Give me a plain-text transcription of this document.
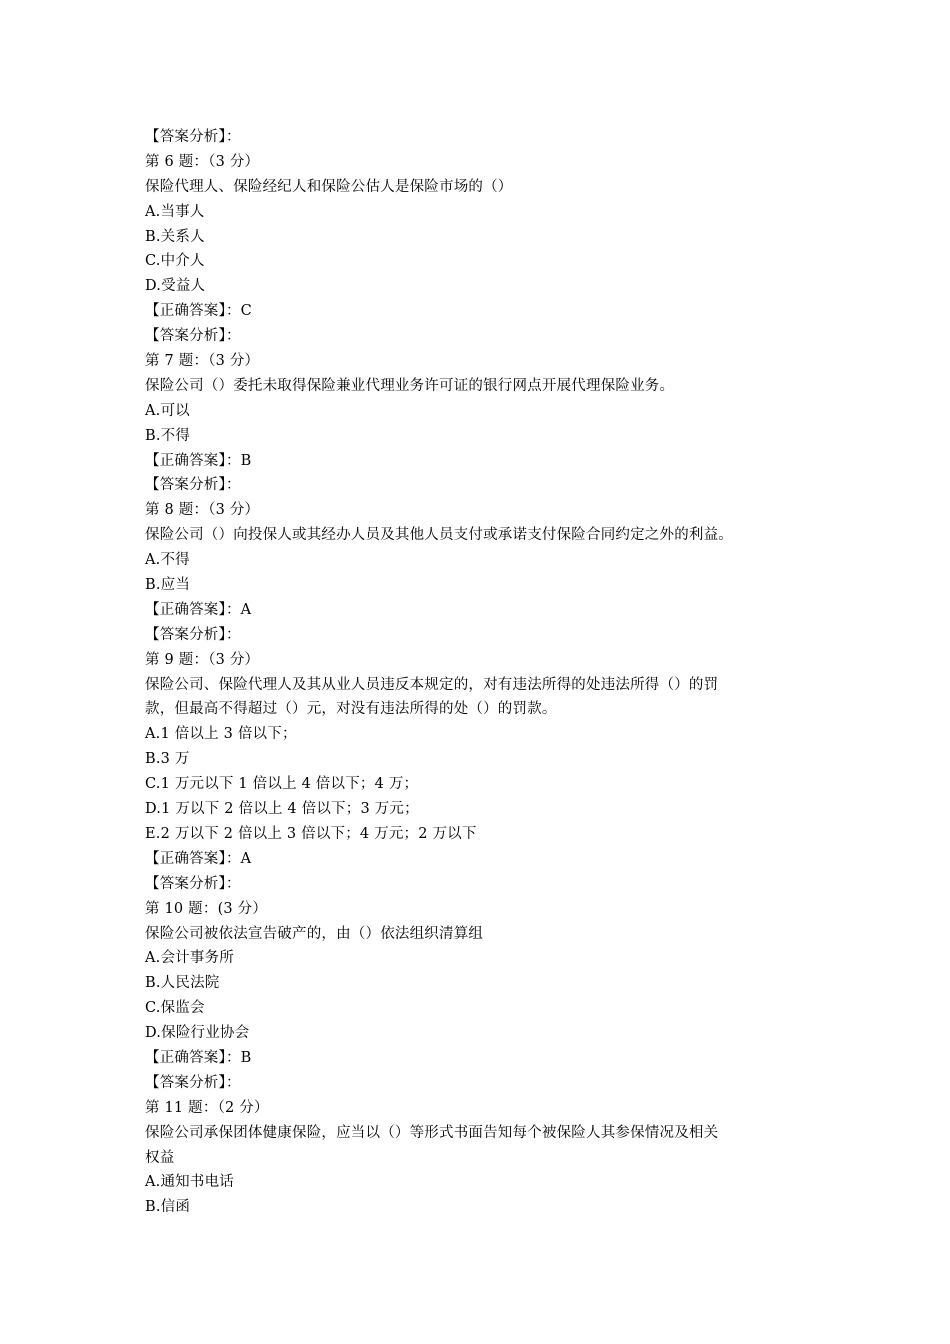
【答案分析】：
第 6 题：（3 分）
保险代理人、保险经纪人和保险公估人是保险市场的（）
A.当事人
B.关系人
C.中介人
D.受益人
【正确答案】：C
【答案分析】：
第 7 题：（3 分）
保险公司（）委托未取得保险兼业代理业务许可证的银行网点开展代理保险业务。
A.可以
B.不得
【正确答案】：B
【答案分析】：
第 8 题：（3 分）
保险公司（）向投保人或其经办人员及其他人员支付或承诺支付保险合同约定之外的利益。
A.不得
B.应当
【正确答案】：A
【答案分析】：
第 9 题：（3 分）
保险公司、保险代理人及其从业人员违反本规定的，对有违法所得的处违法所得（）的罚
款，但最高不得超过（）元，对没有违法所得的处（）的罚款。
A.1 倍以上 3 倍以下；
B.3 万
C.1 万元以下 1 倍以上 4 倍以下；4 万；
D.1 万以下 2 倍以上 4 倍以下；3 万元；
E.2 万以下 2 倍以上 3 倍以下；4 万元；2 万以下
【正确答案】：A
【答案分析】：
第 10 题：(3 分）
保险公司被依法宣告破产的，由（）依法组织清算组
A.会计事务所
B.人民法院
C.保监会
D.保险行业协会
【正确答案】：B
【答案分析】：
第 11 题：（2 分）
保险公司承保团体健康保险，应当以（）等形式书面告知每个被保险人其参保情况及相关
权益
A.通知书电话
B.信函
